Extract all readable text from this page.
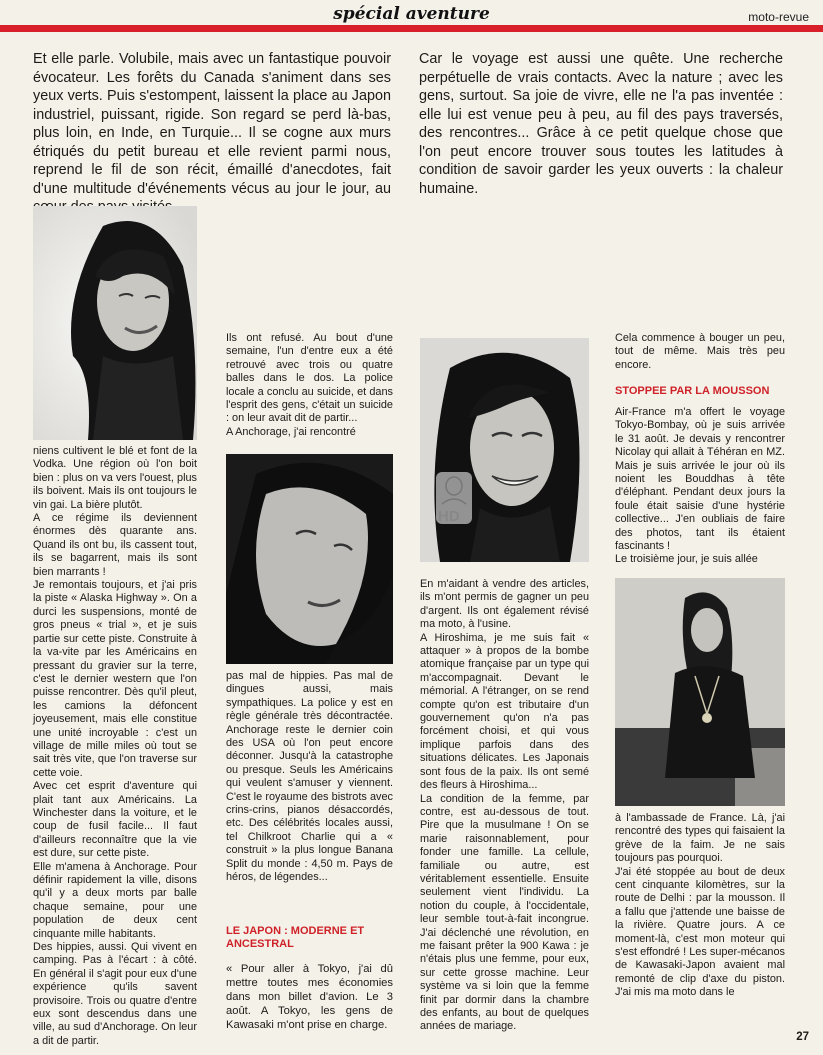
spécial aventure	moto-revue

Et elle parle. Volubile, mais avec un fantastique pouvoir évocateur. Les forêts du Canada s'animent dans ses yeux verts. Puis s'estompent, laissent la place au Japon industriel, puissant, rigide. Son regard se perd là-bas, plus loin, en Inde, en Turquie... Il se cogne aux murs étriqués du petit bureau et elle revient parmi nous, reprend le fil de son récit, émaillé d'anecdotes, fait d'une multitude d'événements vécus au jour le jour, au

Car le voyage est aussi une quête. Une recherche perpétuelle de vrais contacts. Avec la nature ; avec les gens, surtout. Sa joie de vivre, elle ne l'a pas inventée : elle lui est venue peu à peu, au fil des pays traversés, des rencontres... Grâce à ce petit quelque chose que l'on peut encore trouver sous toutes les latitudes à condition de savoir garder les yeux ouverts : la chaleur humaine.

niens cultivent le blé et font de la Vodka. Une région où l'on boit bien : plus on va vers l'ouest, plus ils boivent. Mais ils ont toujours le vin gai. La bière plutôt.

A ce régime ils deviennent énormes dès quarante ans. Quand ils ont bu, ils cassent tout, ils se bagarrent, mais ils sont bien marrants !

Je remontais toujours, et j'ai pris la piste « Alaska Highway ». On a durci les suspensions, monté de gros pneus « trial », et je suis partie sur cette piste. Construite à la va-vite par les Américains en pressant du gravier sur la terre, c'est le dernier western que l'on puisse rencontrer. Dès qu'il pleut, les camions la défoncent joyeusement, mais elle constitue une unité incroyable : c'est un village de mille miles où tout se sait très vite, que l'on traverse sur cette voie.

Avec cet esprit d'aventure qui plait tant aux Américains. La Winchester dans la voiture, et le coup de fusil facile... Il faut d'ailleurs reconnaître que la vie est dure, sur cette piste.

Elle m'amena à Anchorage. Pour définir rapidement la ville, disons qu'il y a deux morts par balle chaque semaine, pour une population de deux cent cinquante mille habitants.

Des hippies, aussi. Qui vivent en camping. Pas à l'écart : à côté. En général il s'agit pour eux d'une expérience qu'ils savent provisoire. Trois ou quatre d'entre eux sont descendus dans une ville, au sud d'Anchorage. On leur a dit de partir.

Ils ont refusé. Au bout d'une semaine, l'un d'entre eux a été retrouvé avec trois ou quatre balles dans le dos. La police locale a conclu au suicide, et dans l'esprit des gens, c'était un suicide : on leur avait dit de partir...

A Anchorage, j'ai rencontré

pas mal de hippies. Pas mal de dingues aussi, mais sympathiques. La police y est en règle générale très décontractée. Anchorage reste le dernier coin des USA où l'on peut encore déconner. Jusqu'à la catastrophe ou presque. Seuls les Américains qui veulent s'amuser y viennent. C'est le royaume des bistrots avec crins-crins, pianos désaccordés, etc. Des célébrités locales aussi, tel Chilkroot Charlie qui a « construit » la plus longue Banana Split du monde : 4,50 m. Pays de héros, de légendes...

LE JAPON : MODERNE ET ANCESTRAL

« Pour aller à Tokyo, j'ai dû mettre toutes mes économies dans mon billet d'avion. Le 3 août. A Tokyo, les gens de Kawasaki m'ont prise en charge.

HD

En m'aidant à vendre des articles, ils m'ont permis de gagner un peu d'argent. Ils ont également révisé ma moto, à l'usine.

A Hiroshima, je me suis fait « attaquer » à propos de la bombe atomique française par un type qui m'accompagnait. Devant le mémorial. A l'étranger, on se rend compte qu'on est tributaire d'un gouvernement qu'on n'a pas forcément choisi, et qui vous implique parfois dans des situations délicates. Les Japonais sont fous de la paix. Ils ont semé des fleurs à Hiroshima...

La condition de la femme, par contre, est au-dessous de tout. Pire que la musulmane ! On se marie raisonnablement, pour fonder une famille. La cellule, familiale ou autre, est véritablement essentielle. Ensuite seulement vient l'individu. La notion du couple, à l'occidentale, leur semble tout-à-fait incongrue. J'ai déclenché une révolution, en me faisant prêter la 900 Kawa : je n'étais plus une femme, pour eux, sur cette grosse machine. Leur système va si loin que la femme finit par dormir dans la chambre des enfants, au bout de quelques années de mariage.

Cela commence à bouger un peu, tout de même. Mais très peu encore.

STOPPEE PAR LA MOUSSON

Air-France m'a offert le voyage Tokyo-Bombay, où je suis arrivée le 31 août. Je devais y rencontrer Nicolay qui allait à Téhéran en MZ. Mais je suis arrivée le jour où ils noient les Bouddhas à tête d'éléphant. Pendant deux jours la foule était saisie d'une hystérie collective... J'en oubliais de faire des photos, tant ils étaient fascinants !

Le troisième jour, je suis allée

à l'ambassade de France. Là, j'ai rencontré des types qui faisaient la grève de la faim. Je ne sais toujours pas pourquoi.

J'ai été stoppée au bout de deux cent cinquante kilomètres, sur la route de Delhi : par la mousson. Il a fallu que j'attende une baisse de la rivière. Quatre jours. A ce moment-là, c'est mon moteur qui s'est effondré ! Les super-mécanos de Kawasaki-Japon avaient mal remonté de clip d'axe du piston. J'ai mis ma moto dans le

27
